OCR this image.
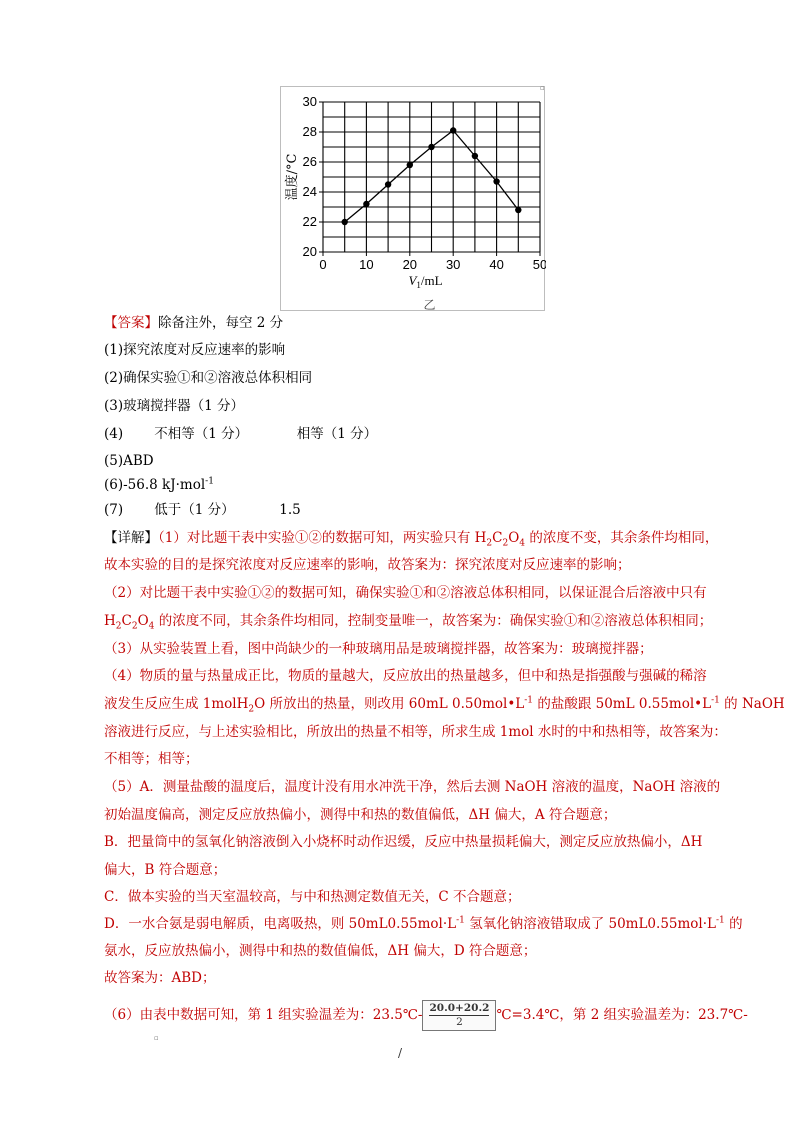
20
22
24
26
28
30
0	10 20 30 40 50
$V_1/mL$
温度/°C
乙
【答案】除备注外，每空 2 分
(1)探究浓度对反应速率的影响
(2)确保实验①和②溶液总体积相同
(3)玻璃搅拌器（1 分）
(4) 不相等（1 分）	相等（1 分）
(5)ABD
(6)-56.8 kJ·mol$^{-1}$
(7) 低于（1 分）	1.5
【详解】（1）对比题干表中实验①②的数据可知，两实验只有 $H_2C_2O_4$ 的浓度不变，其余条件均相同，
故本实验的目的是探究浓度对反应速率的影响，故答案为：探究浓度对反应速率的影响；
（2）对比题干表中实验①②的数据可知，确保实验①和②溶液总体积相同，以保证混合后溶液中只有
$H_2C_2O_4$ 的浓度不同，其余条件均相同，控制变量唯一，故答案为：确保实验①和②溶液总体积相同；
（3）从实验装置上看，图中尚缺少的一种玻璃用品是玻璃搅拌器，故答案为：玻璃搅拌器；
（4）物质的量与热量成正比，物质的量越大，反应放出的热量越多，但中和热是指强酸与强碱的稀溶
液发生反应生成 1molH$_2$O 所放出的热量，则改用 60mL $0.50mol•L^{-1}$ 的盐酸跟 50mL $0.55mol•L^{-1}$ 的 NaOH
溶液进行反应，与上述实验相比，所放出的热量不相等，所求生成 1mol 水时的中和热相等，故答案为：
不相等；相等；
（5）A．测量盐酸的温度后，温度计没有用水冲洗干净，然后去测 NaOH 溶液的温度，NaOH 溶液的
初始温度偏高，测定反应放热偏小，测得中和热的数值偏低，ΔH 偏大，A 符合题意；
B．把量筒中的氢氧化钠溶液倒入小烧杯时动作迟缓，反应中热量损耗偏大，测定反应放热偏小，ΔH
偏大，B 符合题意；
C．做本实验的当天室温较高，与中和热测定数值无关，C 不合题意；
D．一水合氨是弱电解质，电离吸热，则 $50mL0.55mol\cdot L^{-1}$ 氢氧化钠溶液错取成了 $50mL0.55mol\cdot L^{-1}$ 的
氨水，反应放热偏小，测得中和热的数值偏低，ΔH 偏大，D 符合题意；
故答案为：ABD；
（6）由表中数据可知，第 1 组实验温差为：23.5℃- $\frac{20.0+20.2}{2}$ ℃=3.4℃，第 2 组实验温差为：23.7℃-
▫
▫
/
